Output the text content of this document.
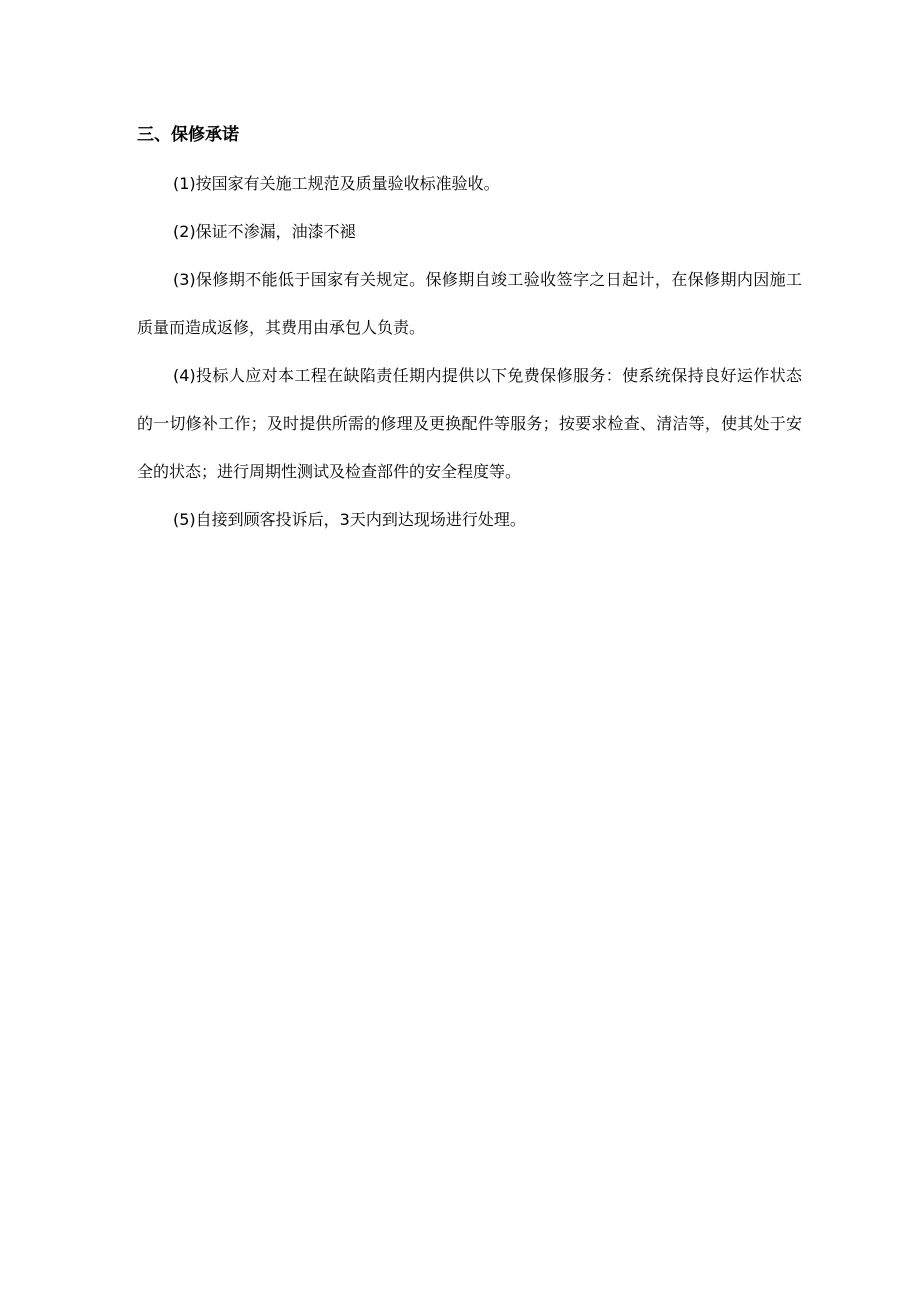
三、保修承诺

(1)按国家有关施工规范及质量验收标准验收。

(2)保证不渗漏，油漆不褪

(3)保修期不能低于国家有关规定。保修期自竣工验收签字之日起计，在保修期内因施工质量而造成返修，其费用由承包人负责。

(4)投标人应对本工程在缺陷责任期内提供以下免费保修服务：使系统保持良好运作状态的一切修补工作；及时提供所需的修理及更换配件等服务；按要求检查、清洁等，使其处于安全的状态；进行周期性测试及检查部件的安全程度等。

(5)自接到顾客投诉后，3天内到达现场进行处理。
